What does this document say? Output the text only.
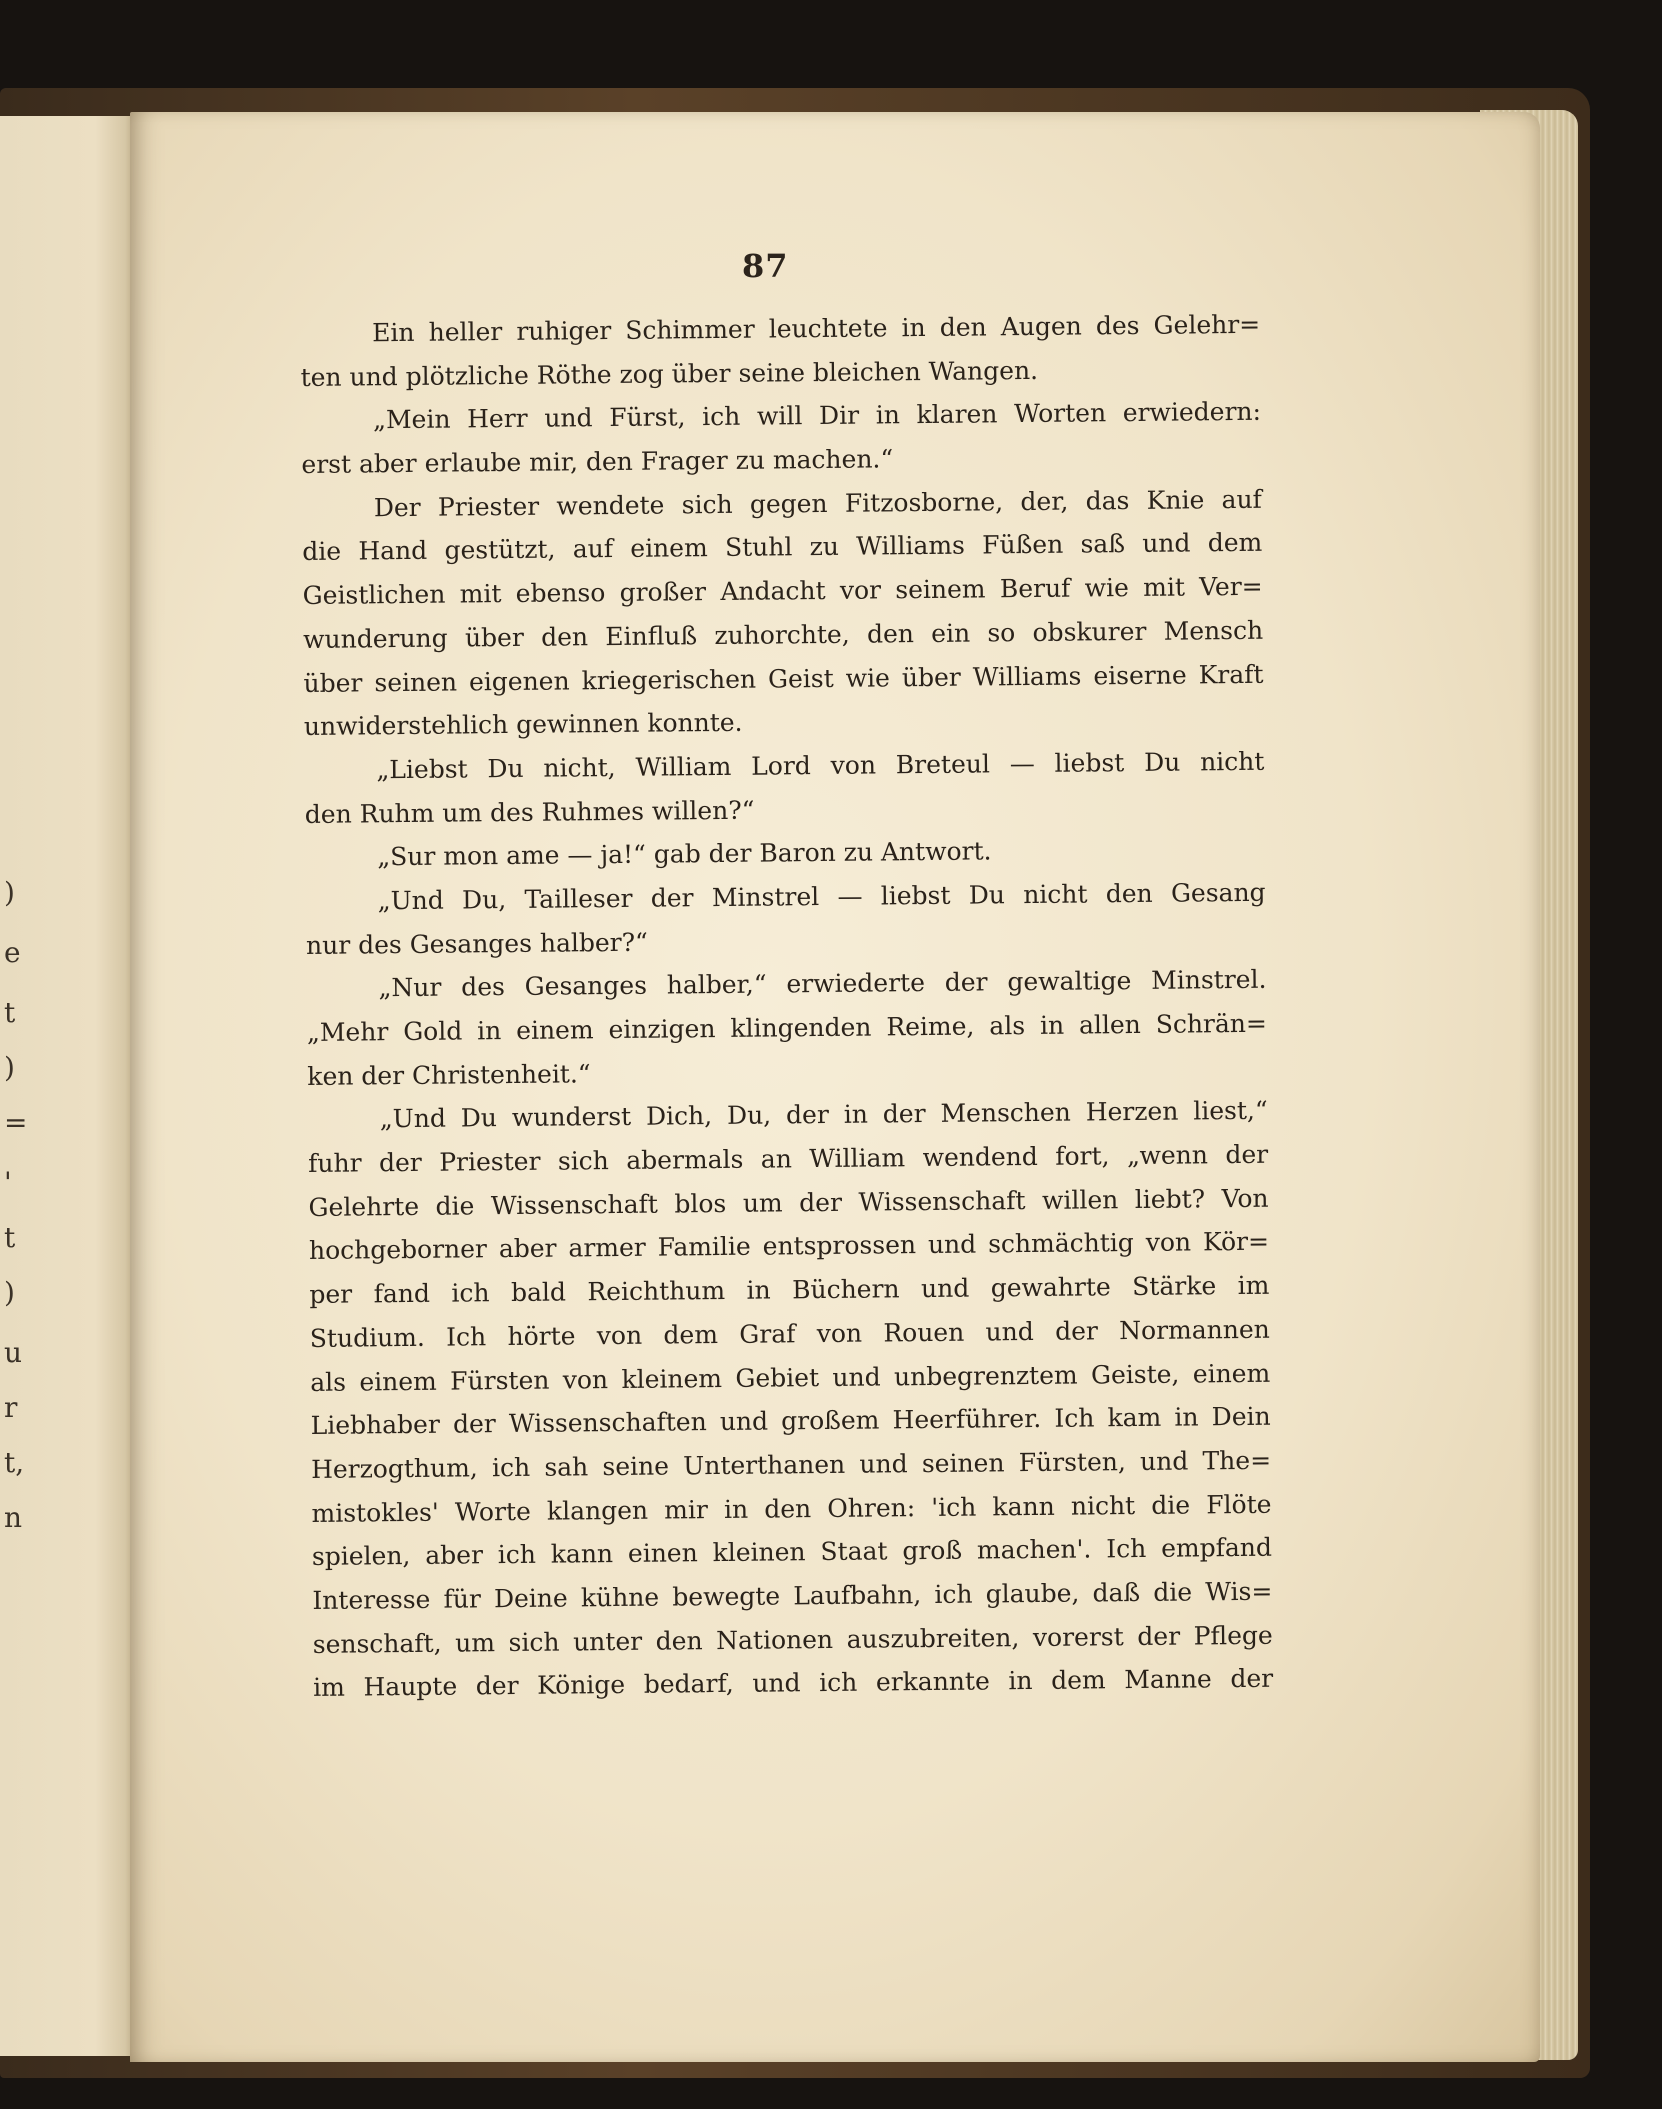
)
e
t
)
=
'
t
)
u
r
t,
n
87
Ein heller ruhiger Schimmer leuchtete in den Augen des Gelehr=
ten und plötzliche Röthe zog über seine bleichen Wangen.
„Mein Herr und Fürst, ich will Dir in klaren Worten erwiedern:
erst aber erlaube mir, den Frager zu machen.“
Der Priester wendete sich gegen Fitzosborne, der, das Knie auf
die Hand gestützt, auf einem Stuhl zu Williams Füßen saß und dem
Geistlichen mit ebenso großer Andacht vor seinem Beruf wie mit Ver=
wunderung über den Einfluß zuhorchte, den ein so obskurer Mensch
über seinen eigenen kriegerischen Geist wie über Williams eiserne Kraft
unwiderstehlich gewinnen konnte.
„Liebst Du nicht, William Lord von Breteul — liebst Du nicht
den Ruhm um des Ruhmes willen?“
„Sur mon ame — ja!“ gab der Baron zu Antwort.
„Und Du, Tailleser der Minstrel — liebst Du nicht den Gesang
nur des Gesanges halber?“
„Nur des Gesanges halber,“ erwiederte der gewaltige Minstrel.
„Mehr Gold in einem einzigen klingenden Reime, als in allen Schrän=
ken der Christenheit.“
„Und Du wunderst Dich, Du, der in der Menschen Herzen liest,“
fuhr der Priester sich abermals an William wendend fort, „wenn der
Gelehrte die Wissenschaft blos um der Wissenschaft willen liebt? Von
hochgeborner aber armer Familie entsprossen und schmächtig von Kör=
per fand ich bald Reichthum in Büchern und gewahrte Stärke im
Studium. Ich hörte von dem Graf von Rouen und der Normannen
als einem Fürsten von kleinem Gebiet und unbegrenztem Geiste, einem
Liebhaber der Wissenschaften und großem Heerführer. Ich kam in Dein
Herzogthum, ich sah seine Unterthanen und seinen Fürsten, und The=
mistokles' Worte klangen mir in den Ohren: 'ich kann nicht die Flöte
spielen, aber ich kann einen kleinen Staat groß machen'. Ich empfand
Interesse für Deine kühne bewegte Laufbahn, ich glaube, daß die Wis=
senschaft, um sich unter den Nationen auszubreiten, vorerst der Pflege
im Haupte der Könige bedarf, und ich erkannte in dem Manne der
